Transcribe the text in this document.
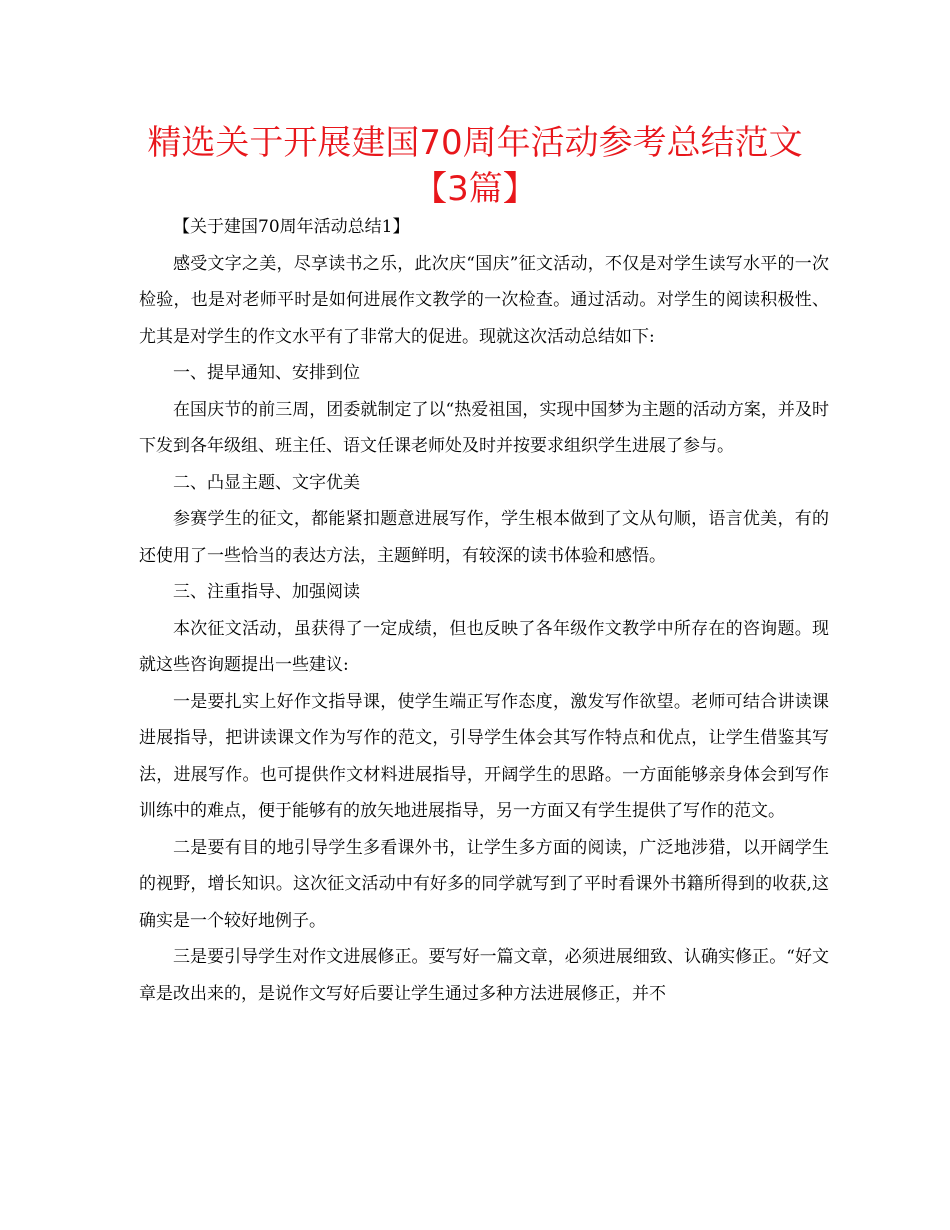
精选关于开展建国70周年活动参考总结范文【3篇】

【关于建国70周年活动总结1】

感受文字之美，尽享读书之乐，此次庆“国庆”征文活动，不仅是对学生读写水平的一次检验，也是对老师平时是如何进展作文教学的一次检查。通过活动。对学生的阅读积极性、尤其是对学生的作文水平有了非常大的促进。现就这次活动总结如下:

一、提早通知、安排到位

在国庆节的前三周，团委就制定了以“热爱祖国，实现中国梦为主题的活动方案，并及时下发到各年级组、班主任、语文任课老师处及时并按要求组织学生进展了参与。

二、凸显主题、文字优美

参赛学生的征文，都能紧扣题意进展写作，学生根本做到了文从句顺，语言优美，有的还使用了一些恰当的表达方法，主题鲜明，有较深的读书体验和感悟。

三、注重指导、加强阅读

本次征文活动，虽获得了一定成绩，但也反映了各年级作文教学中所存在的咨询题。现就这些咨询题提出一些建议:

一是要扎实上好作文指导课，使学生端正写作态度，激发写作欲望。老师可结合讲读课进展指导，把讲读课文作为写作的范文，引导学生体会其写作特点和优点，让学生借鉴其写法，进展写作。也可提供作文材料进展指导，开阔学生的思路。一方面能够亲身体会到写作训练中的难点，便于能够有的放矢地进展指导，另一方面又有学生提供了写作的范文。

二是要有目的地引导学生多看课外书，让学生多方面的阅读，广泛地涉猎，以开阔学生的视野，增长知识。这次征文活动中有好多的同学就写到了平时看课外书籍所得到的收获,这确实是一个较好地例子。

三是要引导学生对作文进展修正。要写好一篇文章，必须进展细致、认确实修正。“好文章是改出来的，是说作文写好后要让学生通过多种方法进展修正，并不
